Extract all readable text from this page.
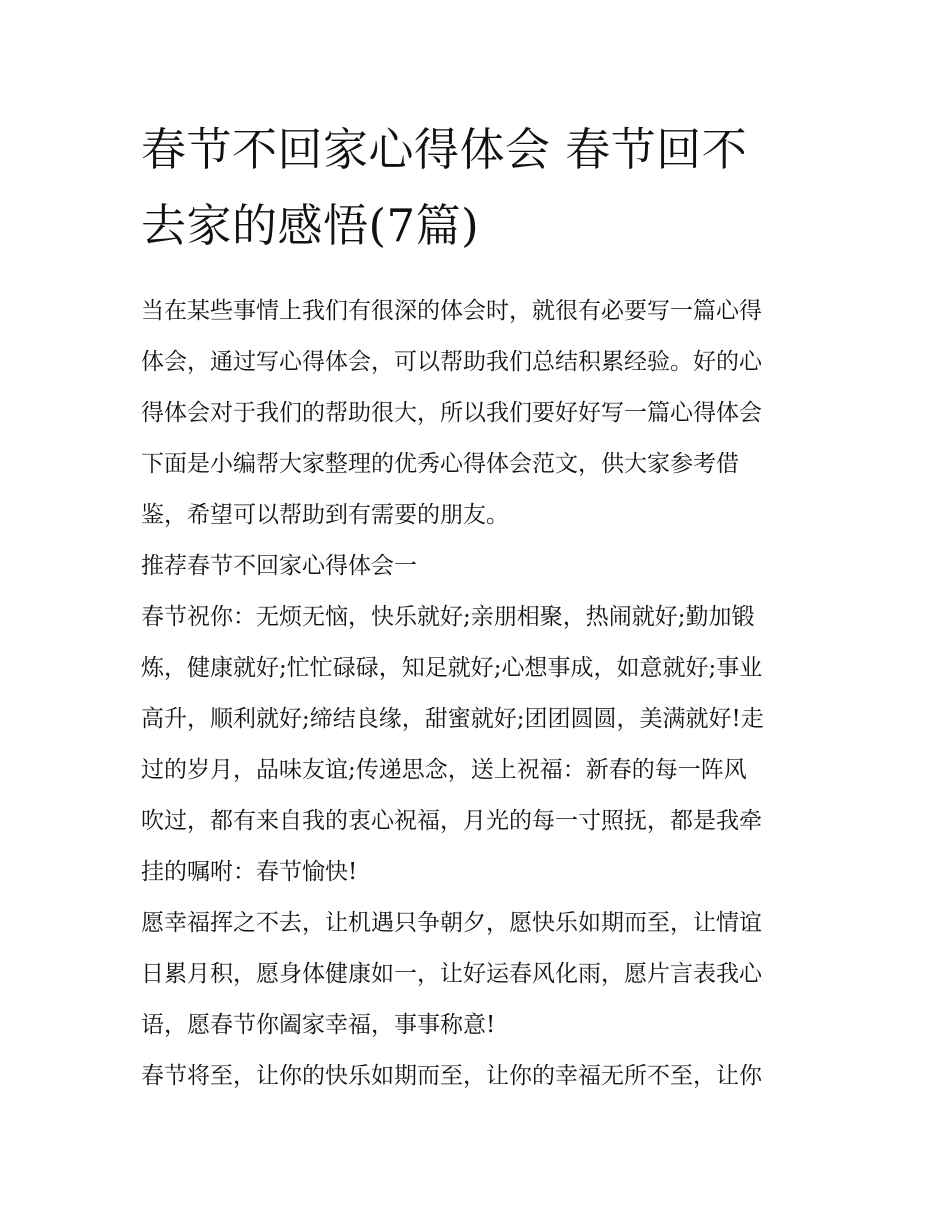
春节不回家心得体会 春节回不
去家的感悟(7篇)
当在某些事情上我们有很深的体会时，就很有必要写一篇心得
体会，通过写心得体会，可以帮助我们总结积累经验。好的心
得体会对于我们的帮助很大，所以我们要好好写一篇心得体会
下面是小编帮大家整理的优秀心得体会范文，供大家参考借
鉴，希望可以帮助到有需要的朋友。
推荐春节不回家心得体会一
春节祝你：无烦无恼，快乐就好;亲朋相聚，热闹就好;勤加锻
炼，健康就好;忙忙碌碌，知足就好;心想事成，如意就好;事业
高升，顺利就好;缔结良缘，甜蜜就好;团团圆圆，美满就好!走
过的岁月，品味友谊;传递思念，送上祝福：新春的每一阵风
吹过，都有来自我的衷心祝福，月光的每一寸照抚，都是我牵
挂的嘱咐：春节愉快!
愿幸福挥之不去，让机遇只争朝夕，愿快乐如期而至，让情谊
日累月积，愿身体健康如一，让好运春风化雨，愿片言表我心
语，愿春节你阖家幸福，事事称意!
春节将至，让你的快乐如期而至，让你的幸福无所不至，让你
